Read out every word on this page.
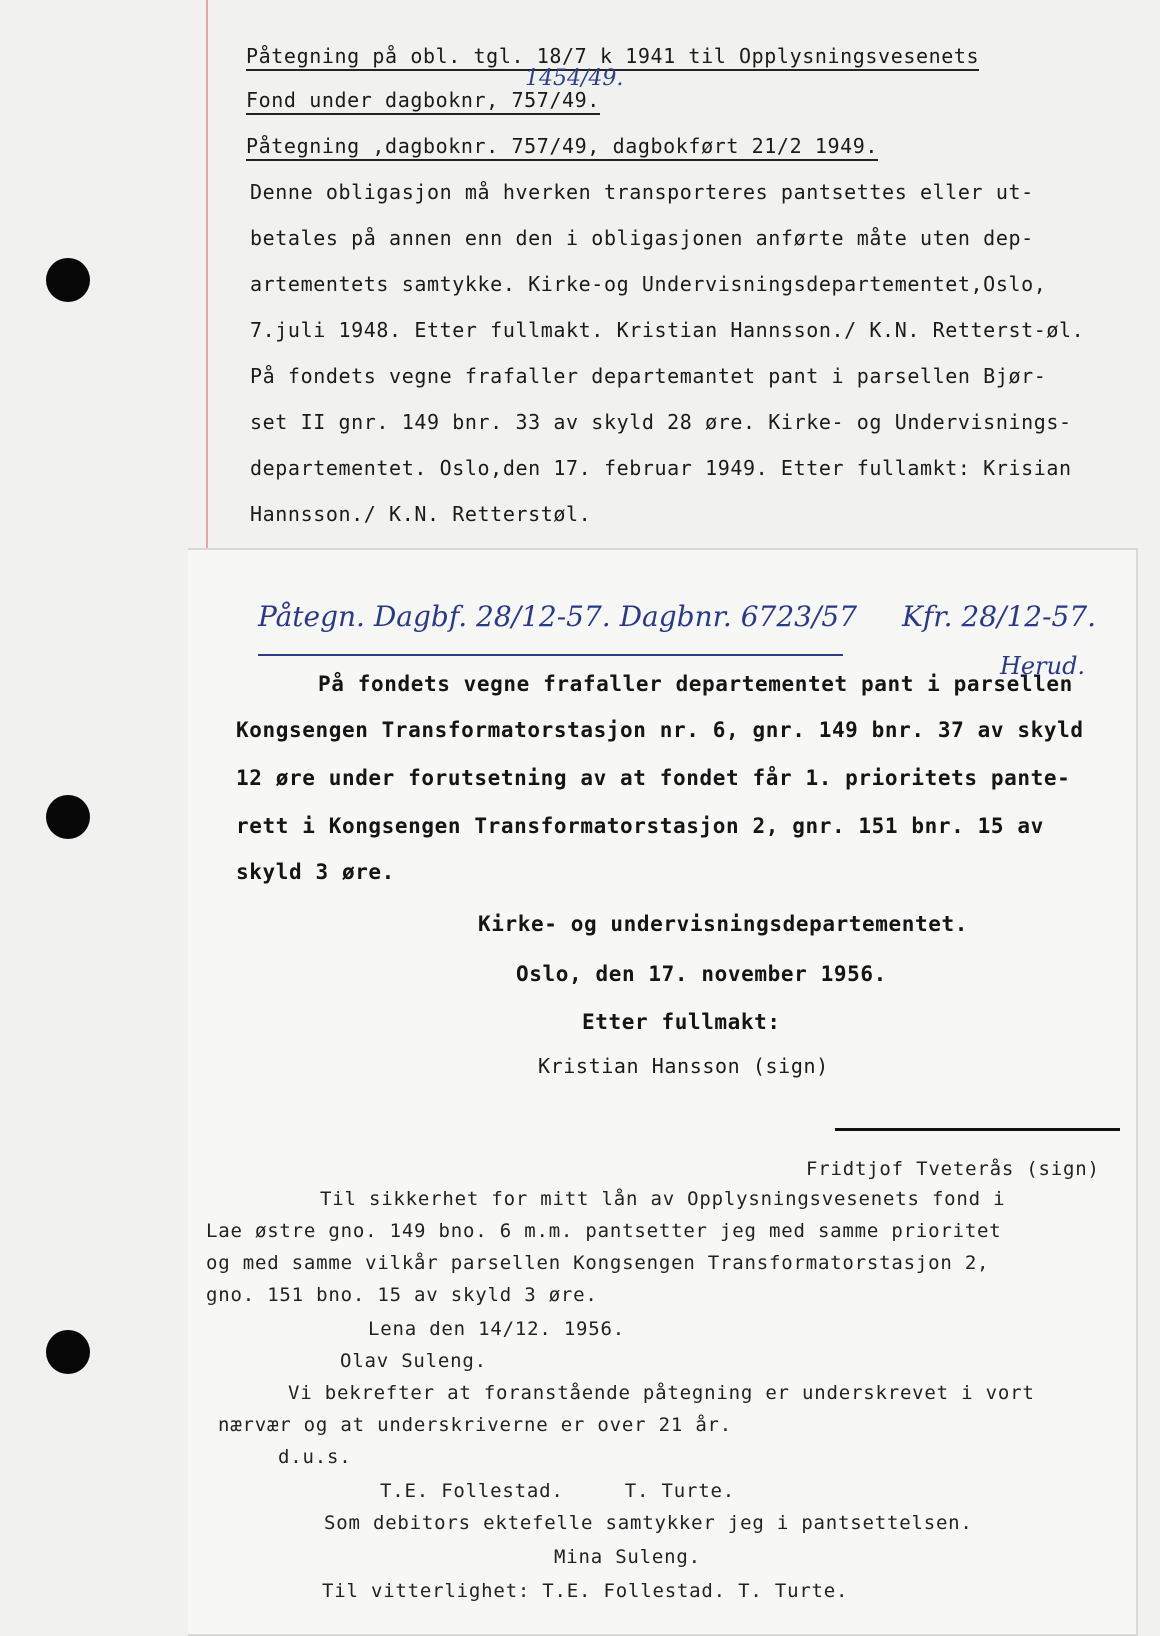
Påtegning på obl. tgl. 18/7 k 1941 til Opplysningsvesenets
Fond under dagboknr, 757/49.
1454/49.
Påtegning ,dagboknr. 757/49, dagbokført 21/2 1949.
Denne obligasjon må hverken transporteres pantsettes eller ut-
betales på annen enn den i obligasjonen anførte måte uten dep-
artementets samtykke. Kirke-og Undervisningsdepartementet,Oslo,
7.juli 1948. Etter fullmakt. Kristian Hannsson./ K.N. Retterst-øl.
På fondets vegne frafaller departemantet pant i parsellen Bjør-
set II gnr. 149 bnr. 33 av skyld 28 øre. Kirke- og Undervisnings-
departementet. Oslo,den 17. februar 1949. Etter fullamkt: Krisian
Hannsson./ K.N. Retterstøl.
Påtegn. Dagbf. 28/12-57. Dagbnr. 6723/57 Kfr. 28/12-57.
Herud.
På fondets vegne frafaller departementet pant i parsellen
Kongsengen Transformatorstasjon nr. 6, gnr. 149 bnr. 37 av skyld
12 øre under forutsetning av at fondet får 1. prioritets pante-
rett i Kongsengen Transformatorstasjon 2, gnr. 151 bnr. 15 av
skyld 3 øre.
Kirke- og undervisningsdepartementet.
Oslo, den 17. november 1956.
Etter fullmakt:
Kristian Hansson (sign)
Fridtjof Tveterås (sign)
Til sikkerhet for mitt lån av Opplysningsvesenets fond i
Lae østre gno. 149 bno. 6 m.m. pantsetter jeg med samme prioritet
og med samme vilkår parsellen Kongsengen Transformatorstasjon 2,
gno. 151 bno. 15 av skyld 3 øre.
Lena den 14/12. 1956.
Olav Suleng.
Vi bekrefter at foranstående påtegning er underskrevet i vort
nærvær og at underskriverne er over 21 år.
d.u.s.
T.E. Follestad.     T. Turte.
Som debitors ektefelle samtykker jeg i pantsettelsen.
Mina Suleng.
Til vitterlighet: T.E. Follestad. T. Turte.
